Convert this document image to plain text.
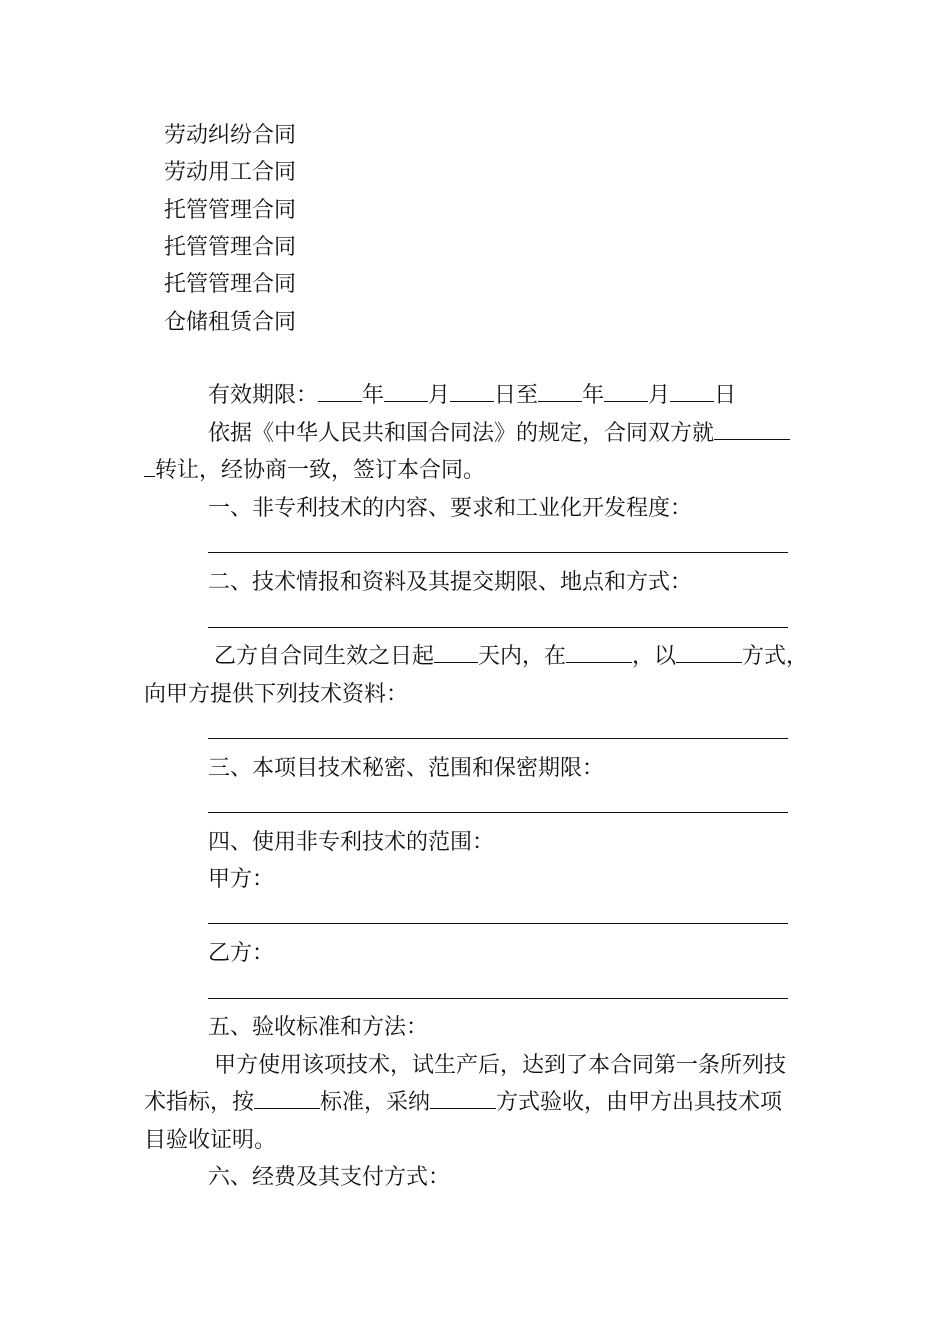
劳动纠纷合同
劳动用工合同
托管管理合同
托管管理合同
托管管理合同
仓储租赁合同
有效期限： 年 月 日至 年 月 日
依据《中华人民共和国合同法》的规定，合同双方就
转让，经协商一致，签订本合同。
一、非专利技术的内容、要求和工业化开发程度：
二、技术情报和资料及其提交期限、地点和方式：
乙方自合同生效之日起 天内，在	，以	方式，
向甲方提供下列技术资料：
三、本项目技术秘密、范围和保密期限：
四、使用非专利技术的范围：
甲方：
乙方：
五、验收标准和方法：
甲方使用该项技术，试生产后，达到了本合同第一条所列技
术指标，按	标准，采纳	方式验收，由甲方出具技术项
目验收证明。
六、经费及其支付方式：
